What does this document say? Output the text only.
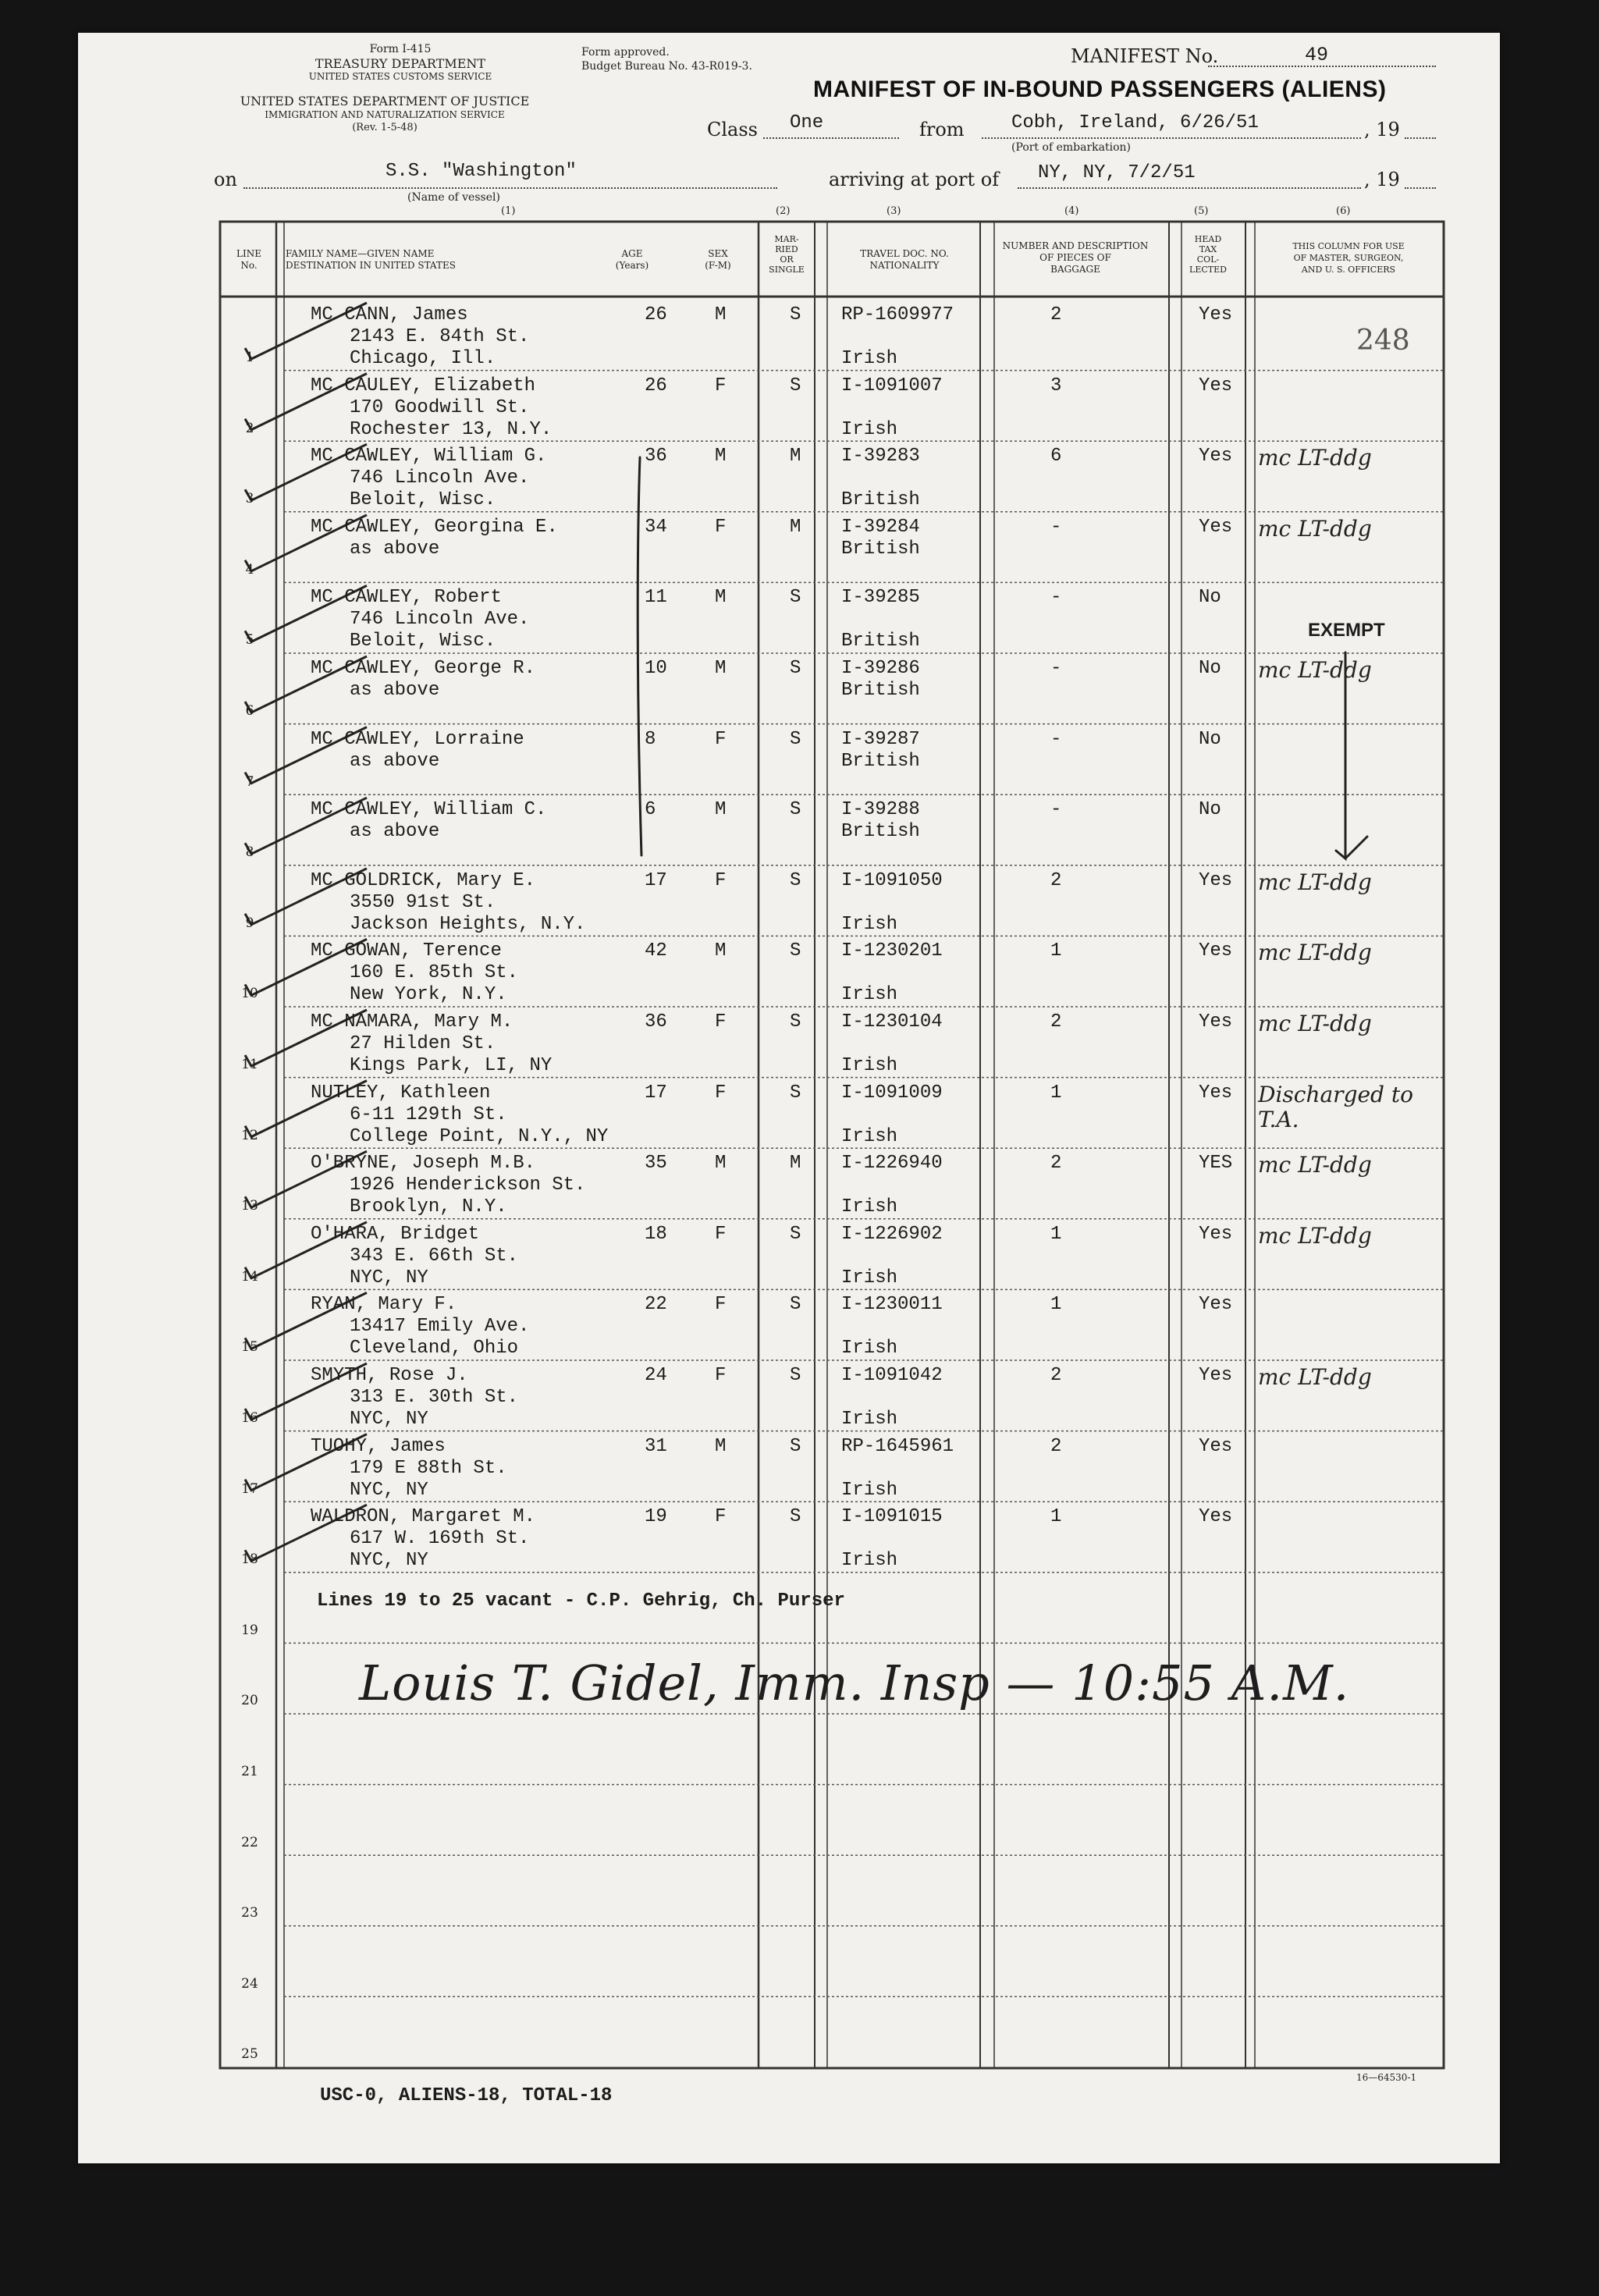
Form I-415
TREASURY DEPARTMENT
UNITED STATES CUSTOMS SERVICE
Form approved.
Budget Bureau No. 43-R019-3.
UNITED STATES DEPARTMENT OF JUSTICE
IMMIGRATION AND NATURALIZATION SERVICE
(Rev. 1-5-48)
MANIFEST No.	49
MANIFEST OF IN-BOUND PASSENGERS (ALIENS)
Class One	from	Cobh, Ireland, 6/26/51
(Port of embarkation)
, 19
on	S.S. "Washington"
(Name of vessel)
arriving at port of NY, NY, 7/2/51	, 19
(1)	(2)	(3)	(4)	(5)	(6)
LINE
No.
FAMILY NAME—GIVEN NAME
DESTINATION IN UNITED STATES
AGE
(Years)
SEX
(F-M)
MAR-
RIED
OR
SINGLE
TRAVEL DOC. NO.
NATIONALITY
NUMBER AND DESCRIPTION
OF PIECES OF
BAGGAGE
HEAD
TAX
COL-
LECTED
THIS COLUMN FOR USE
OF MASTER, SURGEON,
AND U. S. OFFICERS
1
MC CANN, James
2143 E. 84th St.
Chicago, Ill.
26	M	S RP-1609977
Irish
2	Yes
2
MC CAULEY, Elizabeth
170 Goodwill St.
Rochester 13, N.Y.
26	F	S I-1091007
Irish
3	Yes
3
MC CAWLEY, William G.
746 Lincoln Ave.
Beloit, Wisc.
36	M	M I-39283
British
6	Yes mc LT-ddg
4
MC CAWLEY, Georgina E.
as above
34	F	M I-39284
British
-	Yes mc LT-ddg
5
MC CAWLEY, Robert
746 Lincoln Ave.
Beloit, Wisc.
11	M	S I-39285
British
-	No
6
MC CAWLEY, George R.
as above
10	M	S I-39286
British
-	No mc LT-ddg
7
MC CAWLEY, Lorraine
as above
8	F	S I-39287
British
-	No
8
MC CAWLEY, William C.
as above
6	M	S I-39288
British
-	No
9
MC GOLDRICK, Mary E.
3550 91st St.
Jackson Heights, N.Y.
17	F	S I-1091050
Irish
2	Yes mc LT-ddg
10
MC GOWAN, Terence
160 E. 85th St.
New York, N.Y.
42	M	S I-1230201
Irish
1	Yes mc LT-ddg
11
MC NAMARA, Mary M.
27 Hilden St.
Kings Park, LI, NY
36	F	S I-1230104
Irish
2	Yes mc LT-ddg
12
NUTLEY, Kathleen
6-11 129th St.
College Point, N.Y., NY
17	F	S I-1091009
Irish
1	Yes Discharged to T.A.
13
O'BRYNE, Joseph M.B.
1926 Henderickson St.
Brooklyn, N.Y.
35	M	M I-1226940
Irish
2	YES mc LT-ddg
14
O'HARA, Bridget
343 E. 66th St.
NYC, NY
18	F	S I-1226902
Irish
1	Yes mc LT-ddg
15
RYAN, Mary F.
13417 Emily Ave.
Cleveland, Ohio
22	F	S I-1230011
Irish
1	Yes
16
SMYTH, Rose J.
313 E. 30th St.
NYC, NY
24	F	S I-1091042
Irish
2	Yes mc LT-ddg
17
TUOHY, James
179 E 88th St.
NYC, NY
31	M	S RP-1645961
Irish
2	Yes
18
WALDRON, Margaret M.
617 W. 169th St.
NYC, NY
19	F	S I-1091015
Irish
1	Yes
19
20
21
22
23
24
25
248
EXEMPT
Lines 19 to 25 vacant - C.P. Gehrig, Ch. Purser
Louis T. Gidel, Imm. Insp — 10:55 A.M.
USC-0, ALIENS-18, TOTAL-18
16—64530-1
